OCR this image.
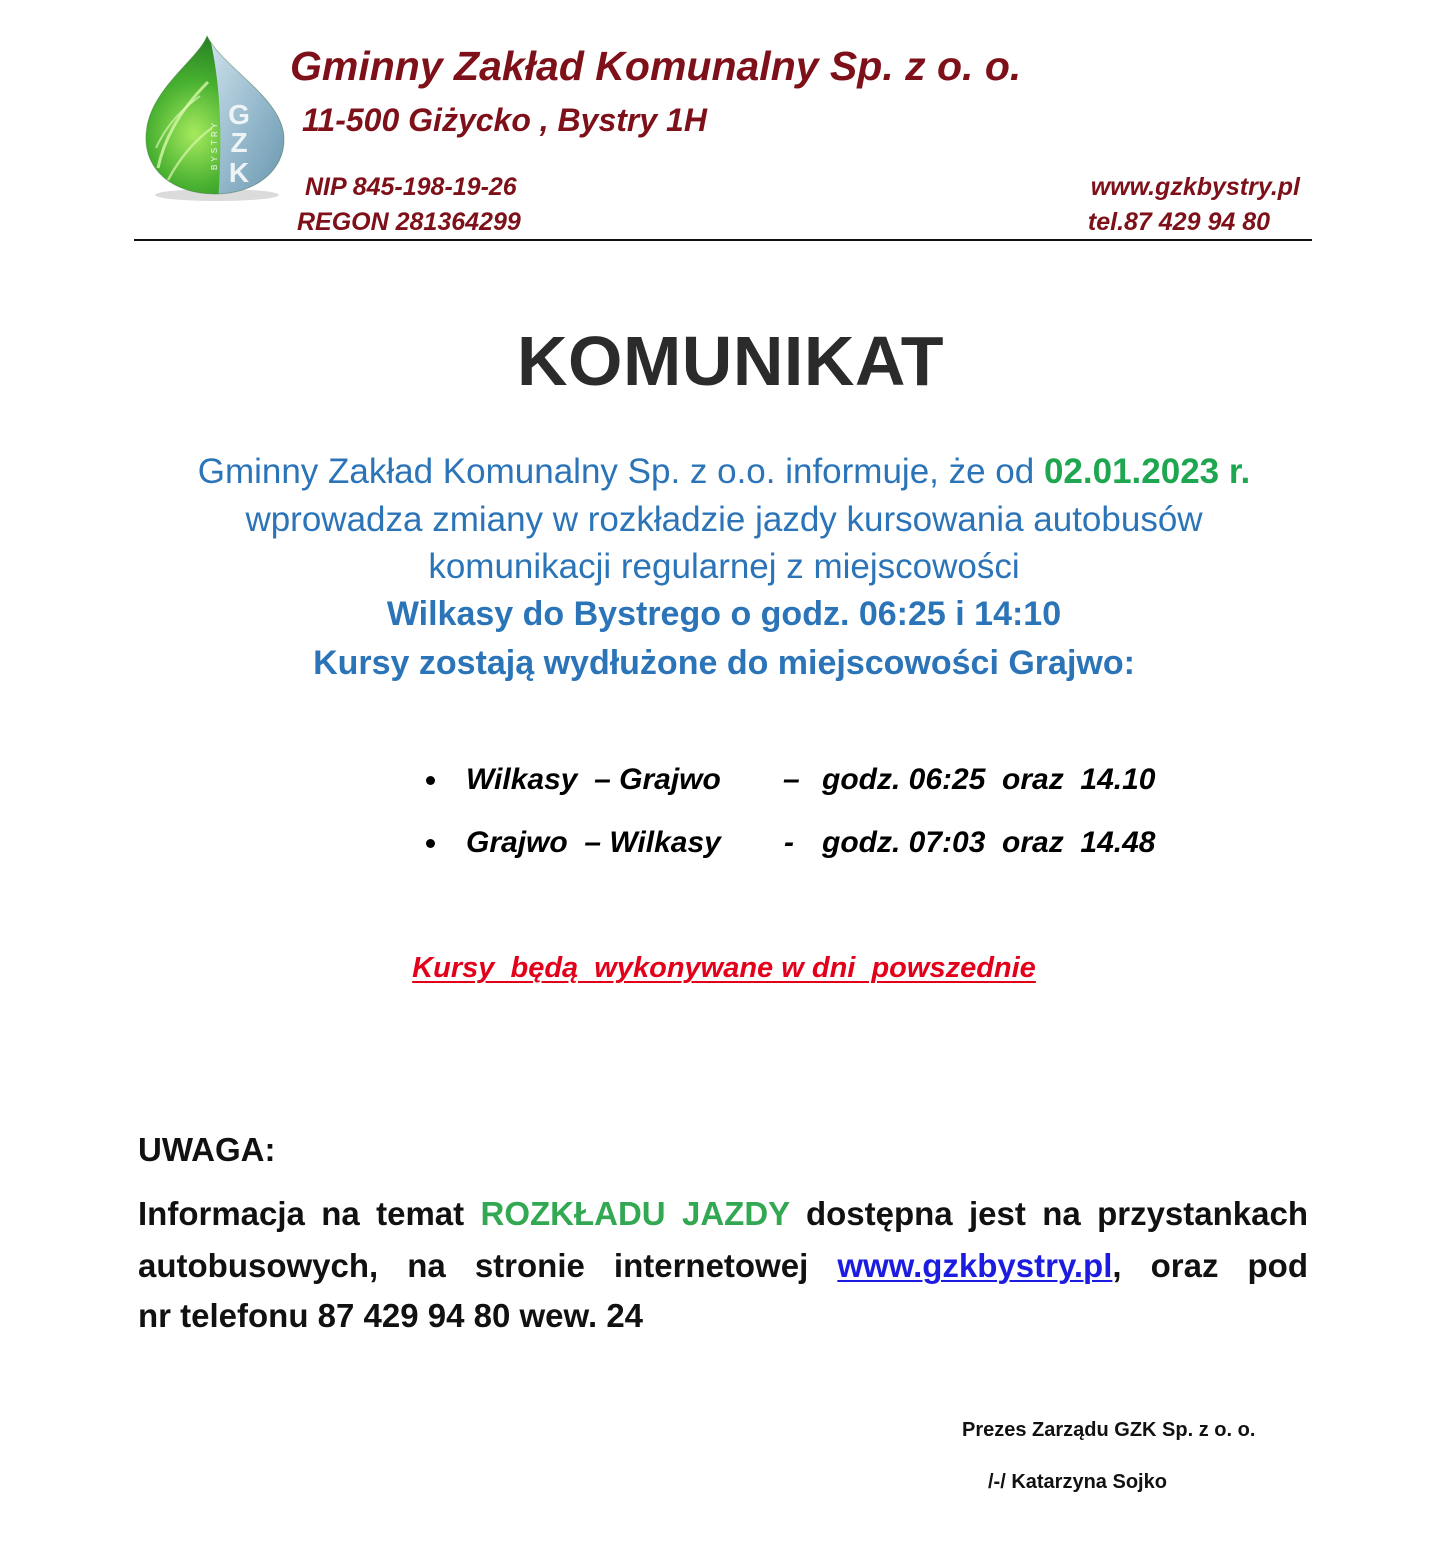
G
Z
K
BYSTRY
Gminny Zakład Komunalny Sp. z o. o.
11-500 Giżycko , Bystry 1H
NIP 845-198-19-26	www.gzkbystry.pl
REGON 281364299	tel.87 429 94 80
KOMUNIKAT
Gminny Zakład Komunalny Sp. z o.o. informuje, że od 02.01.2023 r.
wprowadza zmiany w rozkładzie jazdy kursowania autobusów
komunikacji regularnej z miejscowości
Wilkasy do Bystrego o godz. 06:25 i 14:10
Kursy zostają wydłużone do miejscowości Grajwo:
Wilkasy  – Grajwo – godz. 06:25  oraz  14.10
Grajwo  – Wilkasy - godz. 07:03  oraz  14.48
Kursy  będą  wykonywane w dni  powszednie
UWAGA:
Informacja na temat ROZKŁADU JAZDY dostępna jest na przystankach
autobusowych, na stronie internetowej www.gzkbystry.pl, oraz pod
nr telefonu 87 429 94 80 wew. 24
Prezes Zarządu GZK Sp. z o. o.
/-/ Katarzyna Sojko
